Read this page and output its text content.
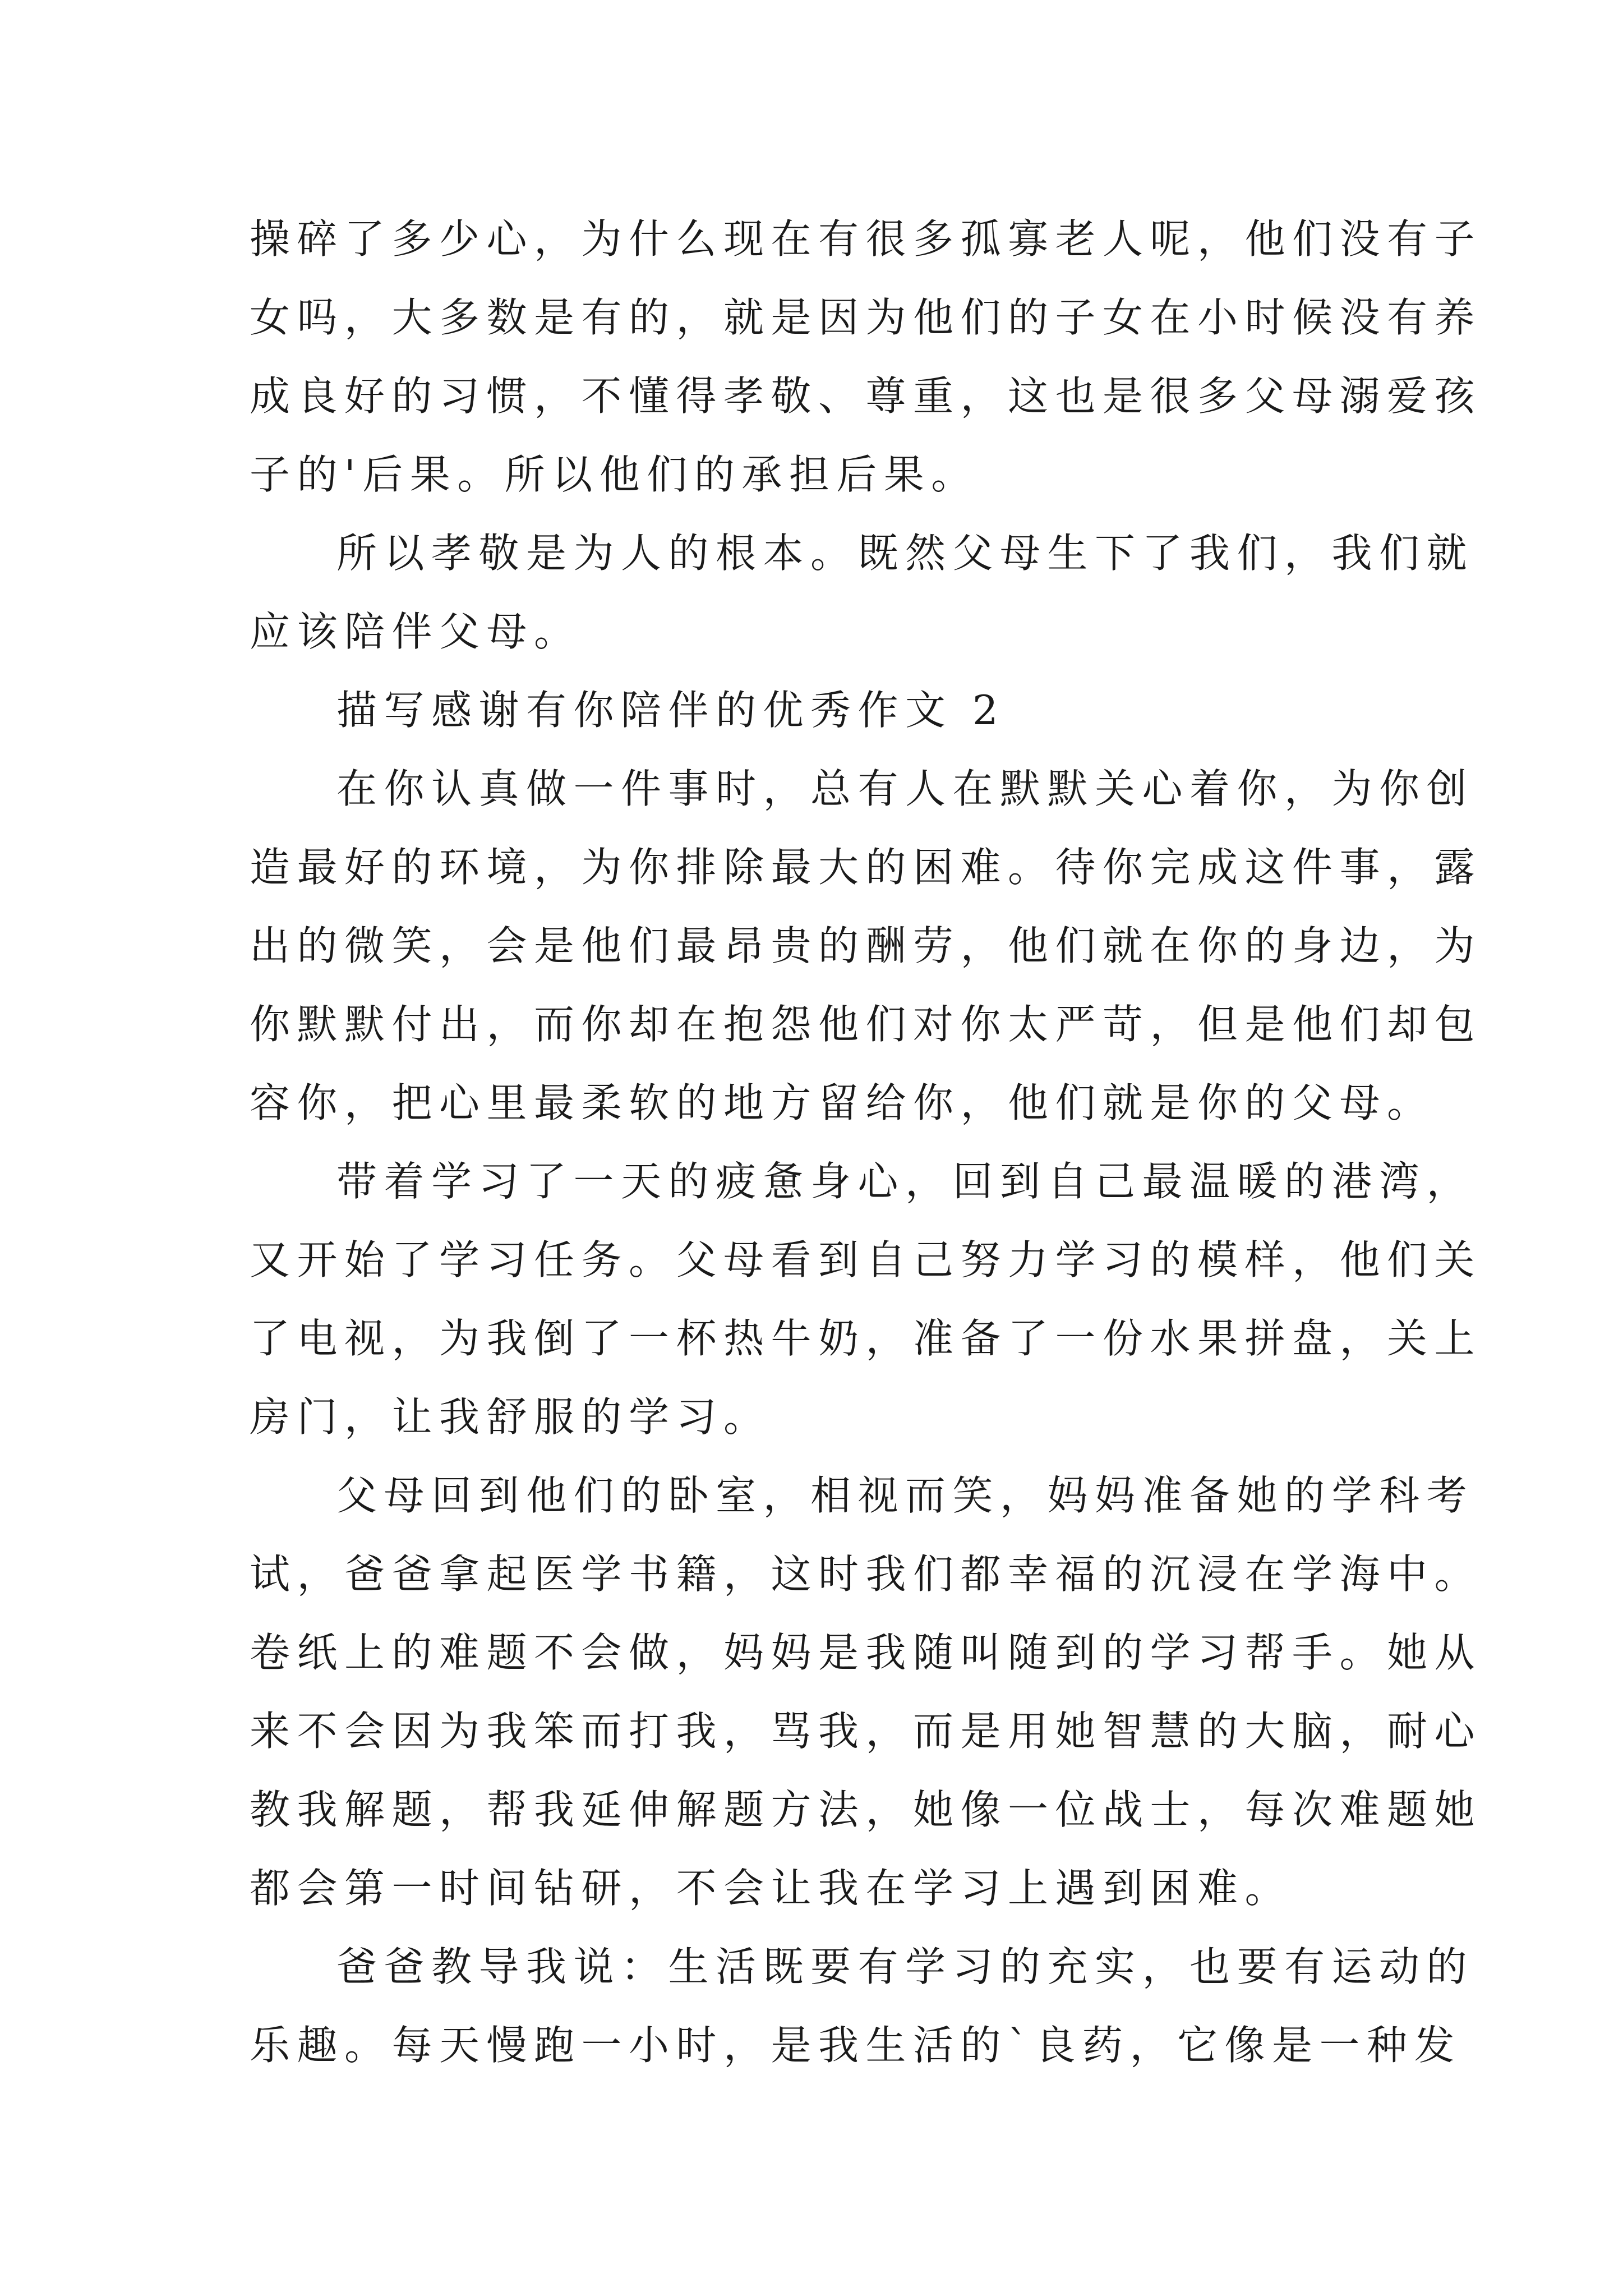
操碎了多少心，为什么现在有很多孤寡老人呢，他们没有子
女吗，大多数是有的，就是因为他们的子女在小时候没有养
成良好的习惯，不懂得孝敬、尊重，这也是很多父母溺爱孩
子的'后果。所以他们的承担后果。
所以孝敬是为人的根本。既然父母生下了我们，我们就
应该陪伴父母。
描写感谢有你陪伴的优秀作文 2
在你认真做一件事时，总有人在默默关心着你，为你创
造最好的环境，为你排除最大的困难。待你完成这件事，露
出的微笑，会是他们最昂贵的酬劳，他们就在你的身边，为
你默默付出，而你却在抱怨他们对你太严苛，但是他们却包
容你，把心里最柔软的地方留给你，他们就是你的父母。
带着学习了一天的疲惫身心，回到自己最温暖的港湾，
又开始了学习任务。父母看到自己努力学习的模样，他们关
了电视，为我倒了一杯热牛奶，准备了一份水果拼盘，关上
房门，让我舒服的学习。
父母回到他们的卧室，相视而笑，妈妈准备她的学科考
试，爸爸拿起医学书籍，这时我们都幸福的沉浸在学海中。
卷纸上的难题不会做，妈妈是我随叫随到的学习帮手。她从
来不会因为我笨而打我，骂我，而是用她智慧的大脑，耐心
教我解题，帮我延伸解题方法，她像一位战士，每次难题她
都会第一时间钻研，不会让我在学习上遇到困难。
爸爸教导我说：生活既要有学习的充实，也要有运动的
乐趣。每天慢跑一小时，是我生活的`良药，它像是一种发
